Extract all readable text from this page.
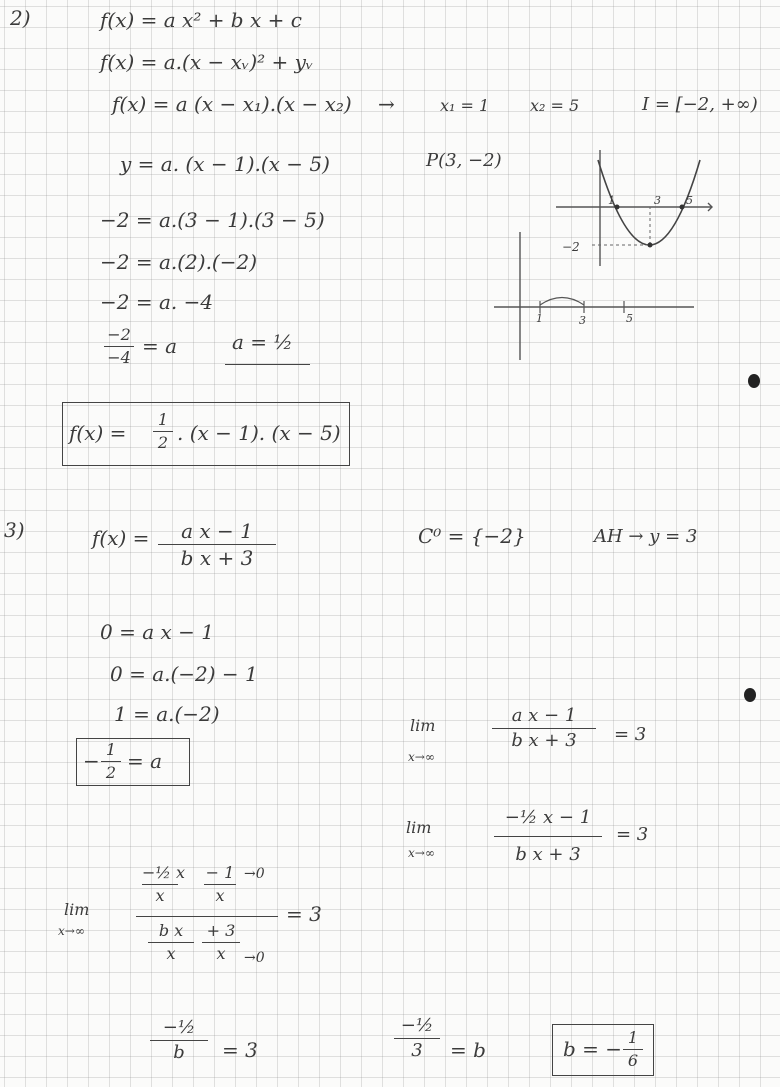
2)	f(x) = a x² + b x + c
f(x) = a.(x − xᵥ)² + yᵥ
f(x) = a (x − x₁).(x − x₂) →	x₁ = 1	x₂ = 5	I = [−2, +∞)
y = a. (x − 1).(x − 5)	P(3, −2)
−2 = a.(3 − 1).(3 − 5)
−2 = a.(2).(−2)
−2 = a. −4
−2
−4 = a	a = ½
f(x) =
1
2 . (x − 1). (x − 5)
−2
1	3 5
1	3	5
3)	f(x) =	a x − 1
b x + 3
C⁰ = {−2}	AH → y = 3
0 = a x − 1
0 = a.(−2) − 1
1 = a.(−2)
− 1
2 = a
lim
x→∞
a x − 1
b x + 3	= 3
lim
x→∞
−½ x − 1
b x + 3
= 3
lim
x→∞
−½ x
x
− 1
x
→0
b x
x
+ 3
x	→0
= 3
−½
b	= 3
−½
3	= b	b = − 1
6
